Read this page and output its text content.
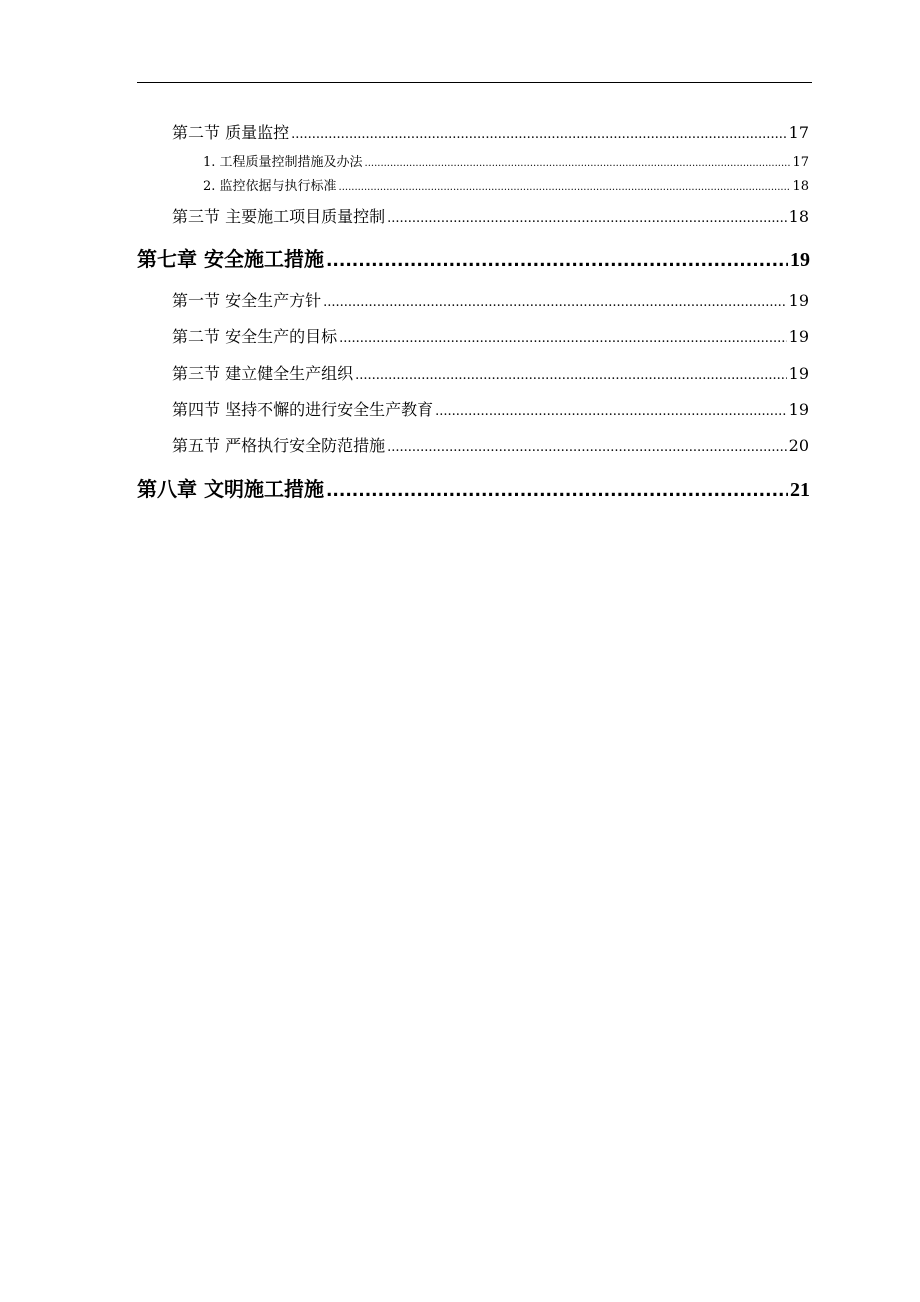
第二节 质量监控 .....	17
1. 工程质量控制措施及办法 .....	17
2. 监控依据与执行标准 .....	18
第三节 主要施工项目质量控制 .....	18
第七章 安全施工措施 .....	19
第一节 安全生产方针 .....	19
第二节 安全生产的目标 .....	19
第三节 建立健全生产组织 .....	19
第四节 坚持不懈的进行安全生产教育 .....	19
第五节 严格执行安全防范措施 .....	20
第八章 文明施工措施 .....	21
